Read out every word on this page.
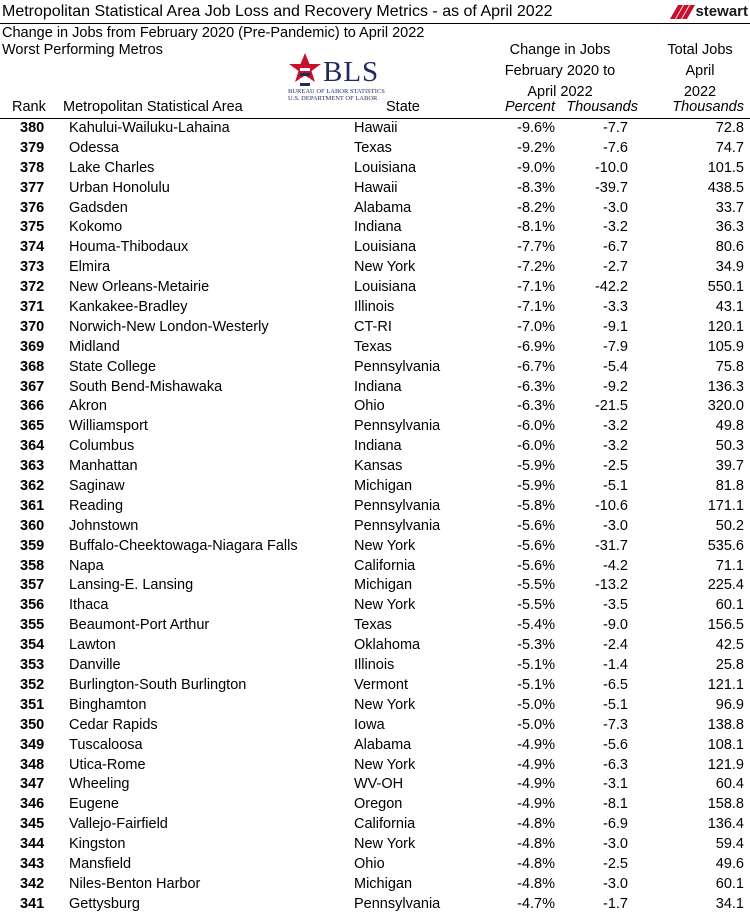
Metropolitan Statistical Area Job Loss and Recovery Metrics - as of April 2022	stewart
Change in Jobs from February 2020 (Pre-Pandemic) to April 2022
Worst Performing Metros
BLS
BUREAU OF LABOR STATISTICS
U.S. DEPARTMENT OF LABOR
Change in Jobs
February 2020 to
April 2022
Total Jobs
April
2022
Rank Metropolitan Statistical Area	State	Percent Thousands Thousands
380 Kahului-Wailuku-Lahaina	Hawaii	-9.6%	-7.7	72.8
379 Odessa	Texas	-9.2%	-7.6	74.7
378 Lake Charles	Louisiana	-9.0%	-10.0	101.5
377 Urban Honolulu	Hawaii	-8.3%	-39.7	438.5
376 Gadsden	Alabama	-8.2%	-3.0	33.7
375 Kokomo	Indiana	-8.1%	-3.2	36.3
374 Houma-Thibodaux	Louisiana	-7.7%	-6.7	80.6
373 Elmira	New York	-7.2%	-2.7	34.9
372 New Orleans-Metairie	Louisiana	-7.1%	-42.2	550.1
371 Kankakee-Bradley	Illinois	-7.1%	-3.3	43.1
370 Norwich-New London-Westerly	CT-RI	-7.0%	-9.1	120.1
369 Midland	Texas	-6.9%	-7.9	105.9
368 State College	Pennsylvania	-6.7%	-5.4	75.8
367 South Bend-Mishawaka	Indiana	-6.3%	-9.2	136.3
366 Akron	Ohio	-6.3%	-21.5	320.0
365 Williamsport	Pennsylvania	-6.0%	-3.2	49.8
364 Columbus	Indiana	-6.0%	-3.2	50.3
363 Manhattan	Kansas	-5.9%	-2.5	39.7
362 Saginaw	Michigan	-5.9%	-5.1	81.8
361 Reading	Pennsylvania	-5.8%	-10.6	171.1
360 Johnstown	Pennsylvania	-5.6%	-3.0	50.2
359 Buffalo-Cheektowaga-Niagara Falls	New York	-5.6%	-31.7	535.6
358 Napa	California	-5.6%	-4.2	71.1
357 Lansing-E. Lansing	Michigan	-5.5%	-13.2	225.4
356 Ithaca	New York	-5.5%	-3.5	60.1
355 Beaumont-Port Arthur	Texas	-5.4%	-9.0	156.5
354 Lawton	Oklahoma	-5.3%	-2.4	42.5
353 Danville	Illinois	-5.1%	-1.4	25.8
352 Burlington-South Burlington	Vermont	-5.1%	-6.5	121.1
351 Binghamton	New York	-5.0%	-5.1	96.9
350 Cedar Rapids	Iowa	-5.0%	-7.3	138.8
349 Tuscaloosa	Alabama	-4.9%	-5.6	108.1
348 Utica-Rome	New York	-4.9%	-6.3	121.9
347 Wheeling	WV-OH	-4.9%	-3.1	60.4
346 Eugene	Oregon	-4.9%	-8.1	158.8
345 Vallejo-Fairfield	California	-4.8%	-6.9	136.4
344 Kingston	New York	-4.8%	-3.0	59.4
343 Mansfield	Ohio	-4.8%	-2.5	49.6
342 Niles-Benton Harbor	Michigan	-4.8%	-3.0	60.1
341 Gettysburg	Pennsylvania	-4.7%	-1.7	34.1
